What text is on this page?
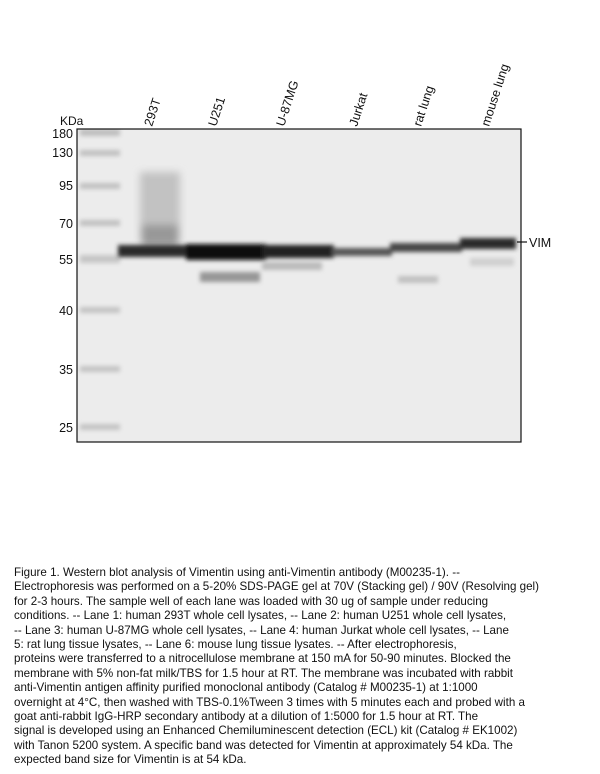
VIM
KDa
180
130
95
70
55
40
35
25
293T	U251	U-87MG	Jurkat	rat lung	mouse lung

Figure 1. Western blot analysis of Vimentin using anti-Vimentin antibody (M00235-1). --
Electrophoresis was performed on a 5-20% SDS-PAGE gel at 70V (Stacking gel) / 90V (Resolving gel)
for 2-3 hours. The sample well of each lane was loaded with 30 ug of sample under reducing
conditions. -- Lane 1: human 293T whole cell lysates, -- Lane 2: human U251 whole cell lysates,
-- Lane 3: human U-87MG whole cell lysates, -- Lane 4: human Jurkat whole cell lysates, -- Lane
5: rat lung tissue lysates, -- Lane 6: mouse lung tissue lysates. -- After electrophoresis,
proteins were transferred to a nitrocellulose membrane at 150 mA for 50-90 minutes. Blocked the
membrane with 5% non-fat milk/TBS for 1.5 hour at RT. The membrane was incubated with rabbit
anti-Vimentin antigen affinity purified monoclonal antibody (Catalog # M00235-1) at 1:1000
overnight at 4°C, then washed with TBS-0.1%Tween 3 times with 5 minutes each and probed with a
goat anti-rabbit IgG-HRP secondary antibody at a dilution of 1:5000 for 1.5 hour at RT. The
signal is developed using an Enhanced Chemiluminescent detection (ECL) kit (Catalog # EK1002)
with Tanon 5200 system. A specific band was detected for Vimentin at approximately 54 kDa. The
expected band size for Vimentin is at 54 kDa.
